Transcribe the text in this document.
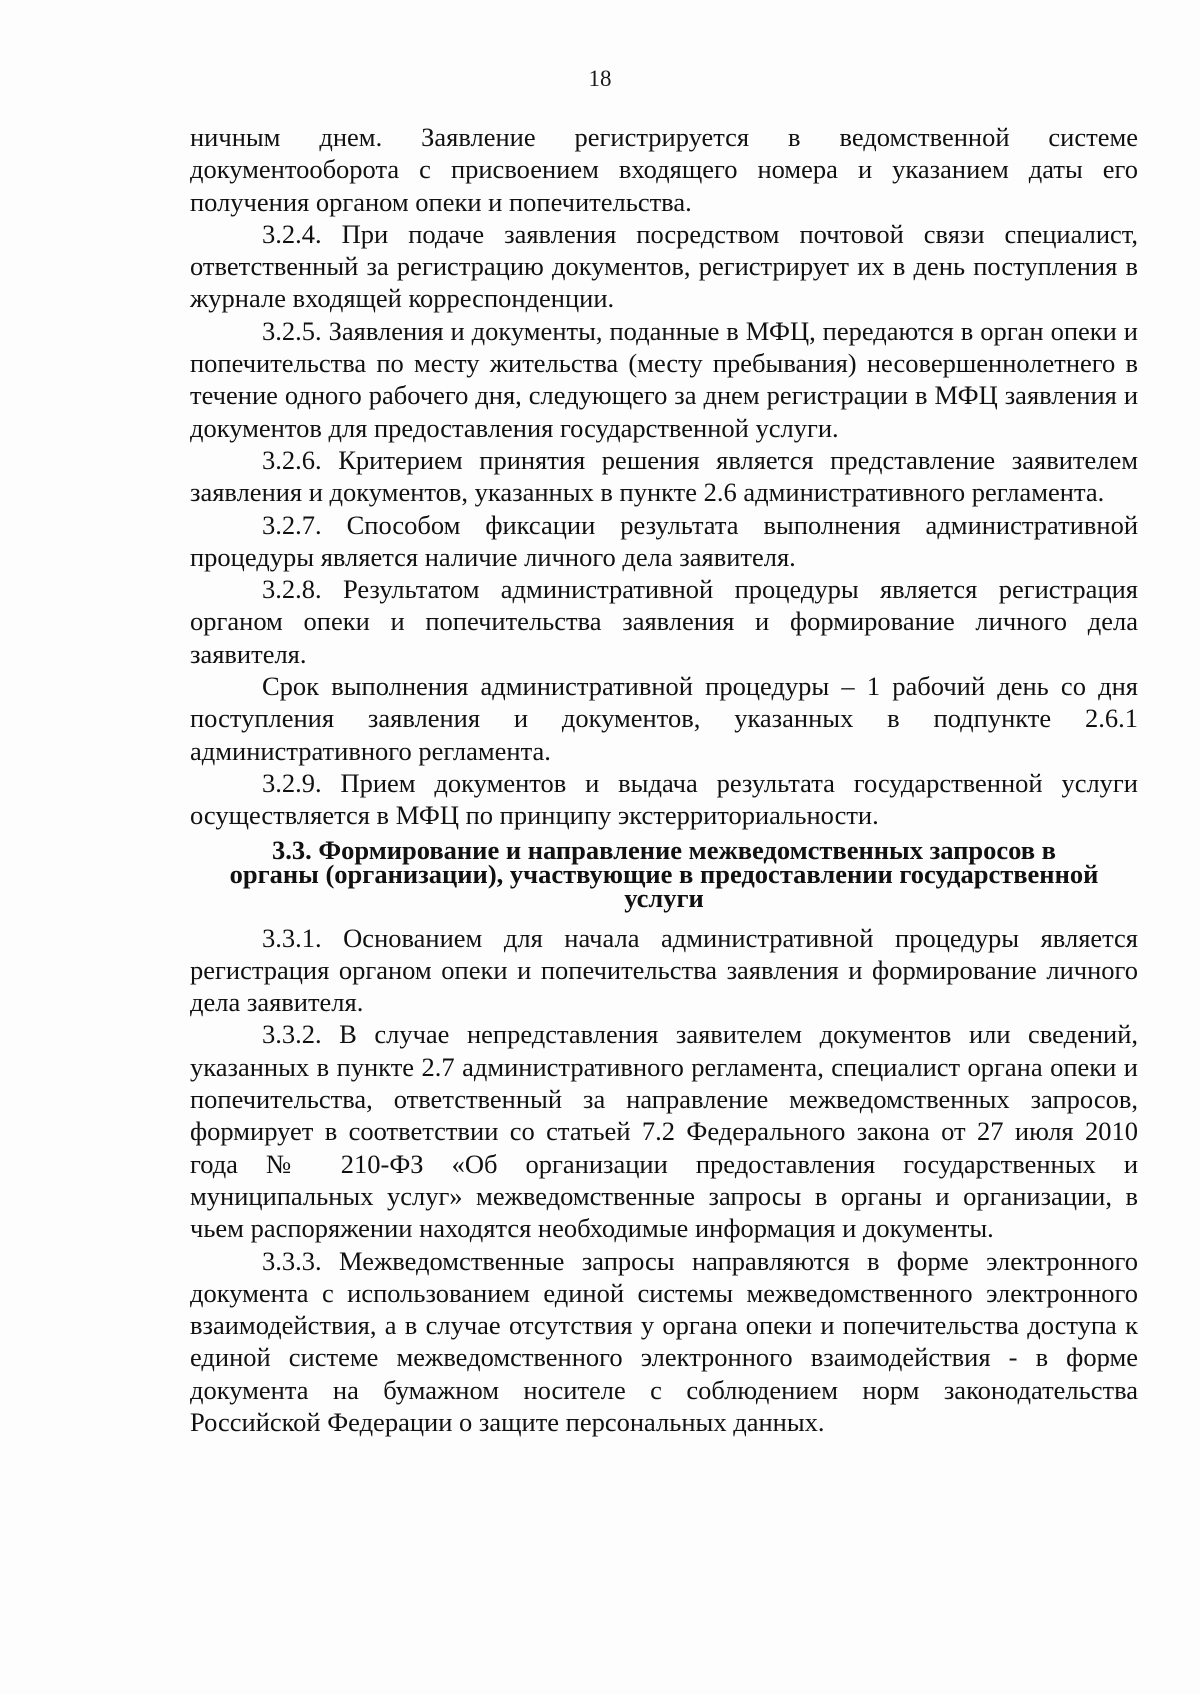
18

ничным днем. Заявление регистрируется в ведомственной системе документооборота с присвоением входящего номера и указанием даты его получения органом опеки и попечительства.

3.2.4. При подаче заявления посредством почтовой связи специалист, ответственный за регистрацию документов, регистрирует их в день поступления в журнале входящей корреспонденции.

3.2.5. Заявления и документы, поданные в МФЦ, передаются в орган опеки и попечительства по месту жительства (месту пребывания) несовершеннолетнего в течение одного рабочего дня, следующего за днем регистрации в МФЦ заявления и документов для предоставления государственной услуги.

3.2.6. Критерием принятия решения является представление заявителем заявления и документов, указанных в пункте 2.6 административного регламента.

3.2.7. Способом фиксации результата выполнения административной процедуры является наличие личного дела заявителя.

3.2.8. Результатом административной процедуры является регистрация органом опеки и попечительства заявления и формирование личного дела заявителя.

Срок выполнения административной процедуры – 1 рабочий день со дня поступления заявления и документов, указанных в подпункте 2.6.1 административного регламента.

3.2.9. Прием документов и выдача результата государственной услуги осуществляется в МФЦ по принципу экстерриториальности.

3.3. Формирование и направление межведомственных запросов в
органы (организации), участвующие в предоставлении государственной
услуги

3.3.1. Основанием для начала административной процедуры является регистрация органом опеки и попечительства заявления и формирование личного дела заявителя.

3.3.2. В случае непредставления заявителем документов или сведений, указанных в пункте 2.7 административного регламента, специалист органа опеки и попечительства, ответственный за направление межведомственных запросов, формирует в соответствии со статьей 7.2 Федерального закона от 27 июля 2010 года № 210-ФЗ «Об организации предоставления государственных и муниципальных услуг» межведомственные запросы в органы и организации, в чьем распоряжении находятся необходимые информация и документы.

3.3.3. Межведомственные запросы направляются в форме электронного документа с использованием единой системы межведомственного электронного взаимодействия, а в случае отсутствия у органа опеки и попечительства доступа к единой системе межведомственного электронного взаимодействия - в форме документа на бумажном носителе с соблюдением норм законодательства Российской Федерации о защите персональных данных.
